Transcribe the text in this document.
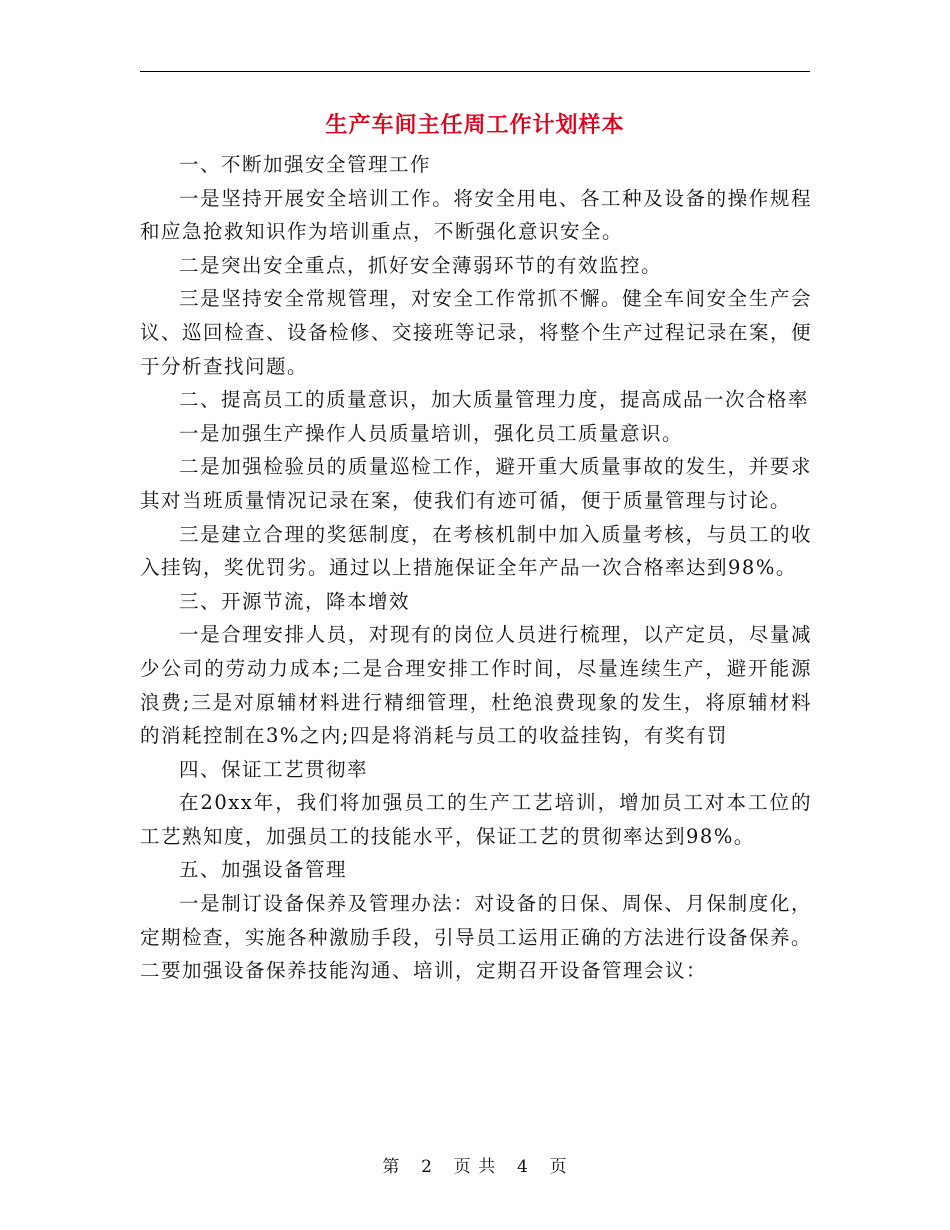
生产车间主任周工作计划样本

一、不断加强安全管理工作

一是坚持开展安全培训工作。将安全用电、各工种及设备的操作规程和应急抢救知识作为培训重点，不断强化意识安全。

二是突出安全重点，抓好安全薄弱环节的有效监控。

三是坚持安全常规管理，对安全工作常抓不懈。健全车间安全生产会议、巡回检查、设备检修、交接班等记录，将整个生产过程记录在案，便于分析查找问题。

二、提高员工的质量意识，加大质量管理力度，提高成品一次合格率

一是加强生产操作人员质量培训，强化员工质量意识。

二是加强检验员的质量巡检工作，避开重大质量事故的发生，并要求其对当班质量情况记录在案，使我们有迹可循，便于质量管理与讨论。

三是建立合理的奖惩制度，在考核机制中加入质量考核，与员工的收入挂钩，奖优罚劣。通过以上措施保证全年产品一次合格率达到98%。

三、开源节流，降本增效

一是合理安排人员，对现有的岗位人员进行梳理，以产定员，尽量减少公司的劳动力成本;二是合理安排工作时间，尽量连续生产，避开能源浪费;三是对原辅材料进行精细管理，杜绝浪费现象的发生，将原辅材料的消耗控制在3%之内;四是将消耗与员工的收益挂钩，有奖有罚

四、保证工艺贯彻率

在20xx年，我们将加强员工的生产工艺培训，增加员工对本工位的工艺熟知度，加强员工的技能水平，保证工艺的贯彻率达到98%。

五、加强设备管理

一是制订设备保养及管理办法：对设备的日保、周保、月保制度化，定期检查，实施各种激励手段，引导员工运用正确的方法进行设备保养。二要加强设备保养技能沟通、培训，定期召开设备管理会议：

第 2 页 共 4 页
